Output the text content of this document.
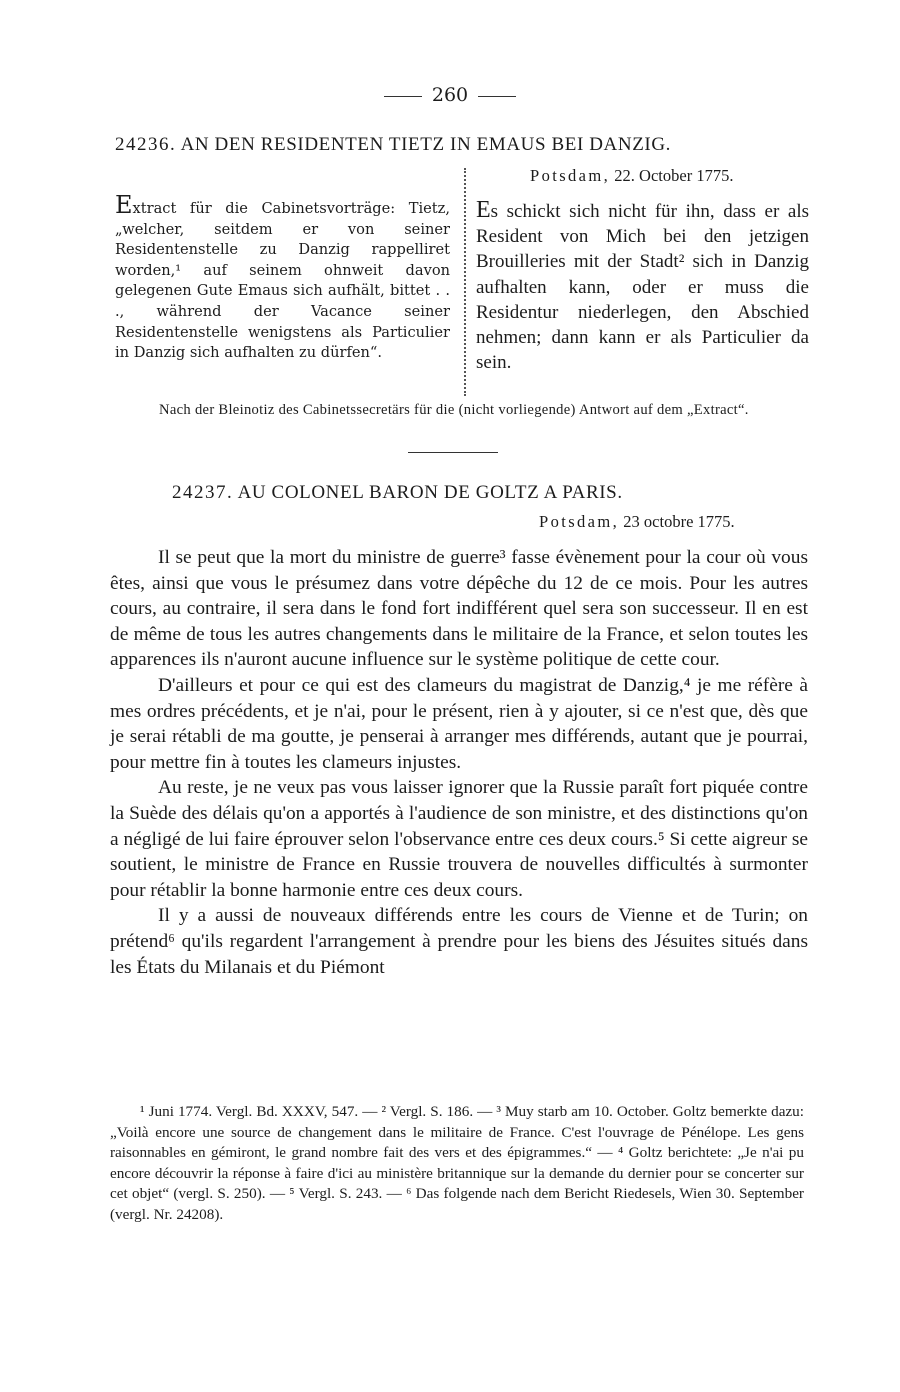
260
24236. AN DEN RESIDENTEN TIETZ IN EMAUS BEI DANZIG.
Potsdam, 22. October 1775.

Extract für die Cabinetsvorträge: Tietz, „welcher, seitdem er von seiner Residentenstelle zu Danzig rappelliret worden,¹ auf seinem ohnweit davon gelegenen Gute Emaus sich aufhält, bittet . . ., während der Vacance seiner Residentenstelle wenigstens als Particulier in Danzig sich aufhalten zu dürfen“.

Es schickt sich nicht für ihn, dass er als Resident von Mich bei den jetzigen Brouilleries mit der Stadt² sich in Danzig aufhalten kann, oder er muss die Residentur niederlegen, den Abschied nehmen; dann kann er als Particulier da sein.

Nach der Bleinotiz des Cabinetssecretärs für die (nicht vorliegende) Antwort auf dem „Extract“.
24237. AU COLONEL BARON DE GOLTZ A PARIS.
Potsdam, 23 octobre 1775.

Il se peut que la mort du ministre de guerre³ fasse évènement pour la cour où vous êtes, ainsi que vous le présumez dans votre dépêche du 12 de ce mois. Pour les autres cours, au contraire, il sera dans le fond fort indifférent quel sera son successeur. Il en est de même de tous les autres changements dans le militaire de la France, et selon toutes les apparences ils n'auront aucune influence sur le système politique de cette cour.

D'ailleurs et pour ce qui est des clameurs du magistrat de Danzig,⁴ je me réfère à mes ordres précédents, et je n'ai, pour le présent, rien à y ajouter, si ce n'est que, dès que je serai rétabli de ma goutte, je penserai à arranger mes différends, autant que je pourrai, pour mettre fin à toutes les clameurs injustes.

Au reste, je ne veux pas vous laisser ignorer que la Russie paraît fort piquée contre la Suède des délais qu'on a apportés à l'audience de son ministre, et des distinctions qu'on a négligé de lui faire éprouver selon l'observance entre ces deux cours.⁵ Si cette aigreur se soutient, le ministre de France en Russie trouvera de nouvelles difficultés à surmonter pour rétablir la bonne harmonie entre ces deux cours.

Il y a aussi de nouveaux différends entre les cours de Vienne et de Turin; on prétend⁶ qu'ils regardent l'arrangement à prendre pour les biens des Jésuites situés dans les États du Milanais et du Piémont

¹ Juni 1774. Vergl. Bd. XXXV, 547. — ² Vergl. S. 186. — ³ Muy starb am 10. October. Goltz bemerkte dazu: „Voilà encore une source de changement dans le militaire de France. C'est l'ouvrage de Pénélope. Les gens raisonnables en gémiront, le grand nombre fait des vers et des épigrammes.“ — ⁴ Goltz berichtete: „Je n'ai pu encore découvrir la réponse à faire d'ici au ministère britannique sur la demande du dernier pour se concerter sur cet objet“ (vergl. S. 250). — ⁵ Vergl. S. 243. — ⁶ Das folgende nach dem Bericht Riedesels, Wien 30. September (vergl. Nr. 24208).
